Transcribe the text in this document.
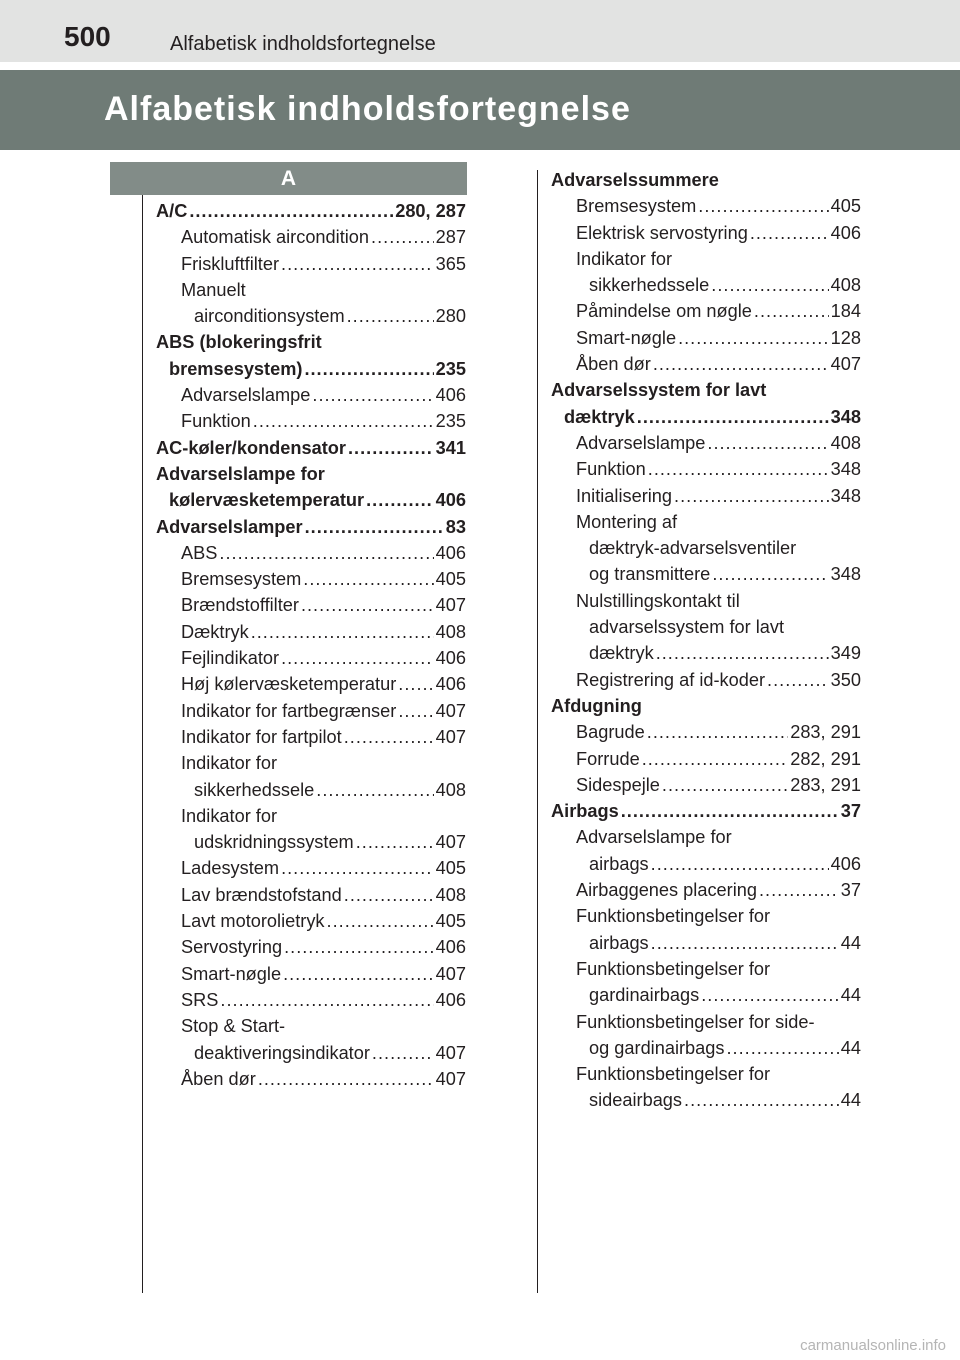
500	Alfabetisk indholdsfortegnelse
Alfabetisk indholdsfortegnelse
A
A/C .....	280, 287
Automatisk aircondition .....	287
Friskluftfilter .....	365
Manuelt
airconditionsystem .....	280
ABS (blokeringsfrit
bremsesystem) .....	235
Advarselslampe .....	406
Funktion .....	235
AC-køler/kondensator .....	341
Advarselslampe for
kølervæsketemperatur .....	406
Advarselslamper .....	83
ABS .....	406
Bremsesystem .....	405
Brændstoffilter .....	407
Dæktryk .....	408
Fejlindikator .....	406
Høj kølervæsketemperatur ..... 406
Indikator for fartbegrænser ..... 407
Indikator for fartpilot .....	407
Indikator for
sikkerhedssele .....	408
Indikator for
udskridningssystem .....	407
Ladesystem .....	405
Lav brændstofstand .....	408
Lavt motorolietryk .....	405
Servostyring .....	406
Smart-nøgle .....	407
SRS .....	406
Stop & Start-
deaktiveringsindikator .....	407
Åben dør .....	407
Advarselssummere
Bremsesystem .....	405
Elektrisk servostyring .....	406
Indikator for
sikkerhedssele .....	408
Påmindelse om nøgle .....	184
Smart-nøgle .....	128
Åben dør .....	407
Advarselssystem for lavt
dæktryk .....	348
Advarselslampe .....	408
Funktion .....	348
Initialisering .....	348
Montering af
dæktryk-advarselsventiler
og transmittere .....	348
Nulstillingskontakt til
advarselssystem for lavt
dæktryk .....	349
Registrering af id-koder .....	350
Afdugning
Bagrude .....	283, 291
Forrude .....	282, 291
Sidespejle .....	283, 291
Airbags .....	37
Advarselslampe for
airbags .....	406
Airbaggenes placering .....	37
Funktionsbetingelser for
airbags .....	44
Funktionsbetingelser for
gardinairbags .....	44
Funktionsbetingelser for side-
og gardinairbags .....	44
Funktionsbetingelser for
sideairbags .....	44
carmanualsonline.info
